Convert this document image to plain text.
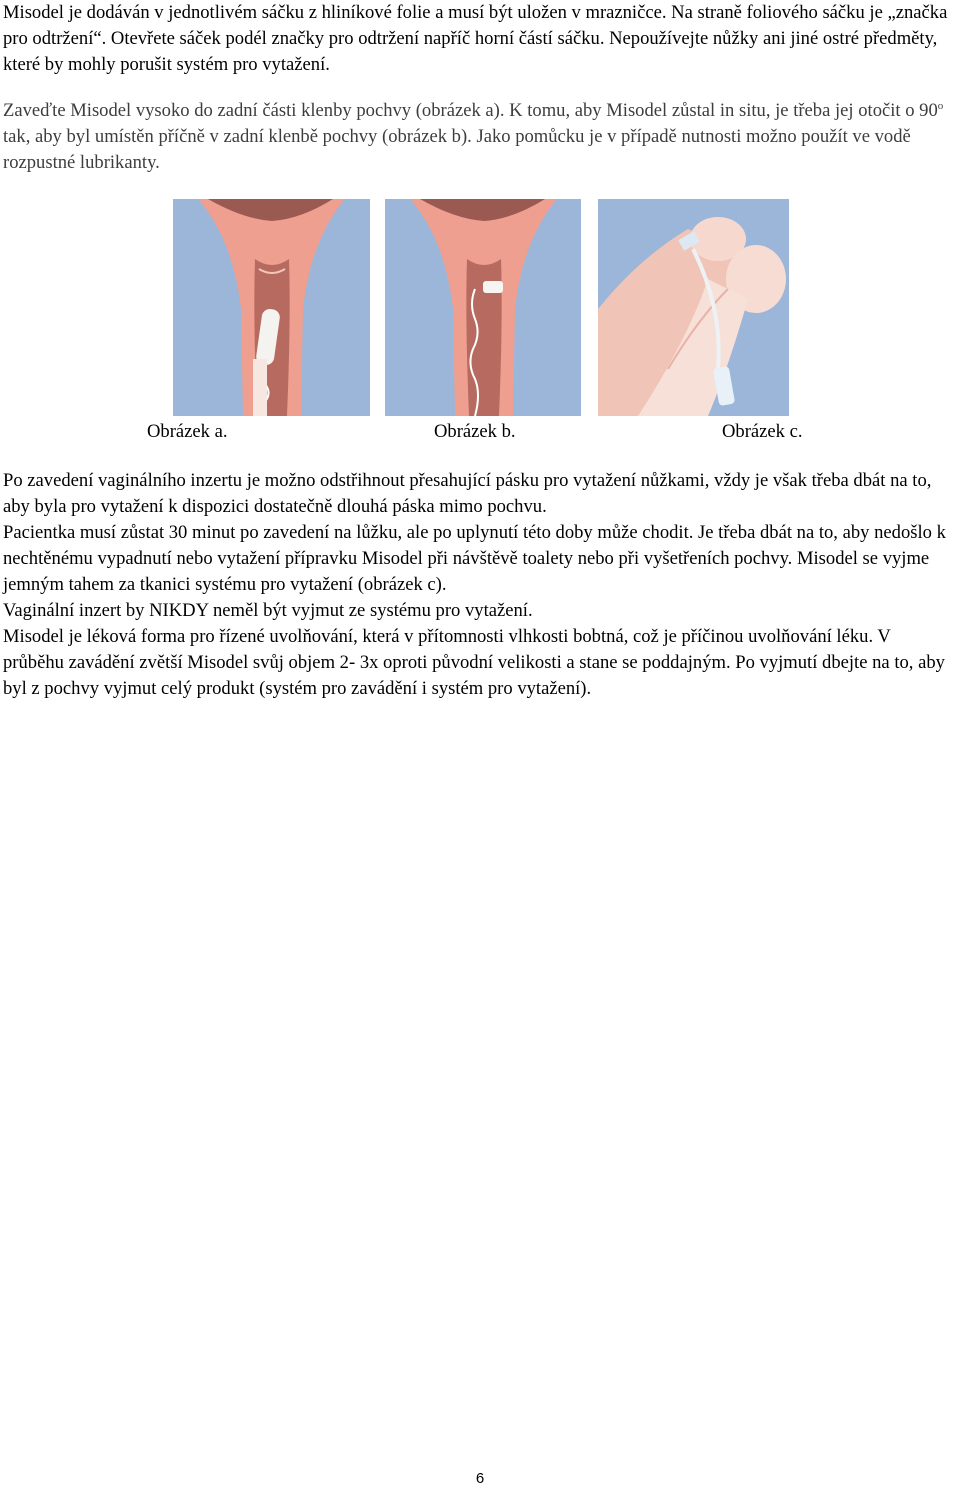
Misodel je dodáván v jednotlivém sáčku z hliníkové folie a musí být uložen v mrazničce. Na straně foliového sáčku je „značka pro odtržení“. Otevřete sáček podél značky pro odtržení napříč horní částí sáčku. Nepoužívejte nůžky ani jiné ostré předměty, které by mohly porušit systém pro vytažení.

Zaveďte Misodel vysoko do zadní části klenby pochvy (obrázek a). K tomu, aby Misodel zůstal in situ, je třeba jej otočit o 90$^o$ tak, aby byl umístěn příčně v zadní klenbě pochvy (obrázek b). Jako pomůcku je v případě nutnosti možno použít ve vodě rozpustné lubrikanty.

Obrázek a.	Obrázek b.	Obrázek c.
Po zavedení vaginálního inzertu je možno odstřihnout přesahující pásku pro vytažení nůžkami, vždy je však třeba dbát na to, aby byla pro vytažení k dispozici dostatečně dlouhá páska mimo pochvu.
Pacientka musí zůstat 30 minut po zavedení na lůžku, ale po uplynutí této doby může chodit. Je třeba dbát na to, aby nedošlo k nechtěnému vypadnutí nebo vytažení přípravku Misodel při návštěvě toalety nebo při vyšetřeních pochvy. Misodel se vyjme jemným tahem za tkanici systému pro vytažení (obrázek c).
Vaginální inzert by NIKDY neměl být vyjmut ze systému pro vytažení.
Misodel je léková forma pro řízené uvolňování, která v přítomnosti vlhkosti bobtná, což je příčinou uvolňování léku. V průběhu zavádění zvětší Misodel svůj objem 2- 3x oproti původní velikosti a stane se poddajným. Po vyjmutí dbejte na to, aby byl z pochvy vyjmut celý produkt (systém pro zavádění i systém pro vytažení).
6
